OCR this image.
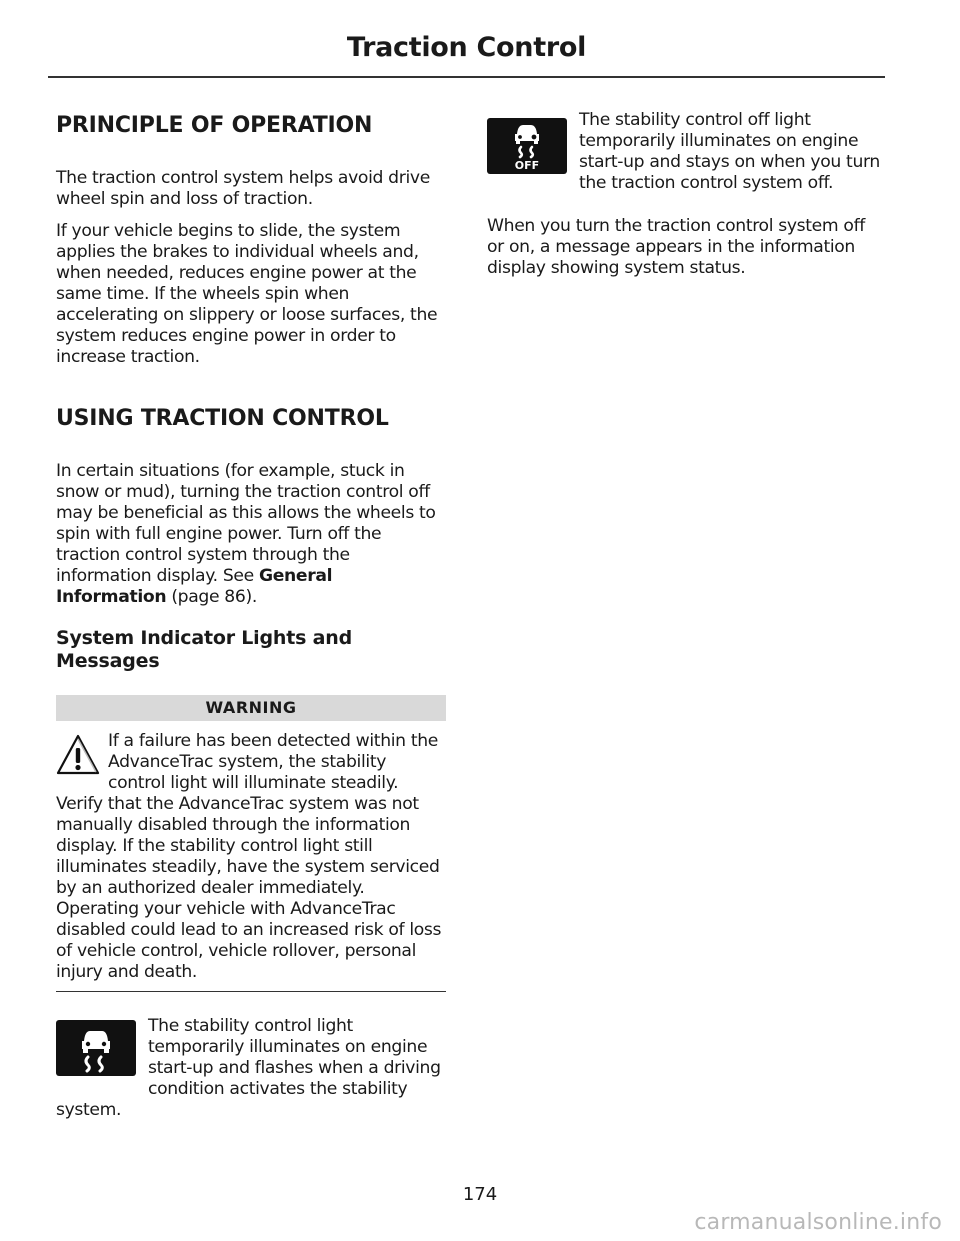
Traction Control
PRINCIPLE OF OPERATION

The traction control system helps avoid drive wheel spin and loss of traction.

If your vehicle begins to slide, the system applies the brakes to individual wheels and, when needed, reduces engine power at the same time. If the wheels spin when accelerating on slippery or loose surfaces, the system reduces engine power in order to increase traction.

USING TRACTION CONTROL

In certain situations (for example, stuck in snow or mud), turning the traction control off may be beneficial as this allows the wheels to spin with full engine power. Turn off the traction control system through the information display. See General Information (page 86).

System Indicator Lights and Messages
WARNING

If a failure has been detected within the AdvanceTrac system, the stability control light will illuminate steadily. Verify that the AdvanceTrac system was not manually disabled through the information display. If the stability control light still illuminates steadily, have the system serviced by an authorized dealer immediately. Operating your vehicle with AdvanceTrac disabled could lead to an increased risk of loss of vehicle control, vehicle rollover, personal injury and death.

The stability control light temporarily illuminates on engine start-up and flashes when a driving condition activates the stability system.

OFF

The stability control off light temporarily illuminates on engine start-up and stays on when you turn the traction control system off.

When you turn the traction control system off or on, a message appears in the information display showing system status.

174
carmanualsonline.info
